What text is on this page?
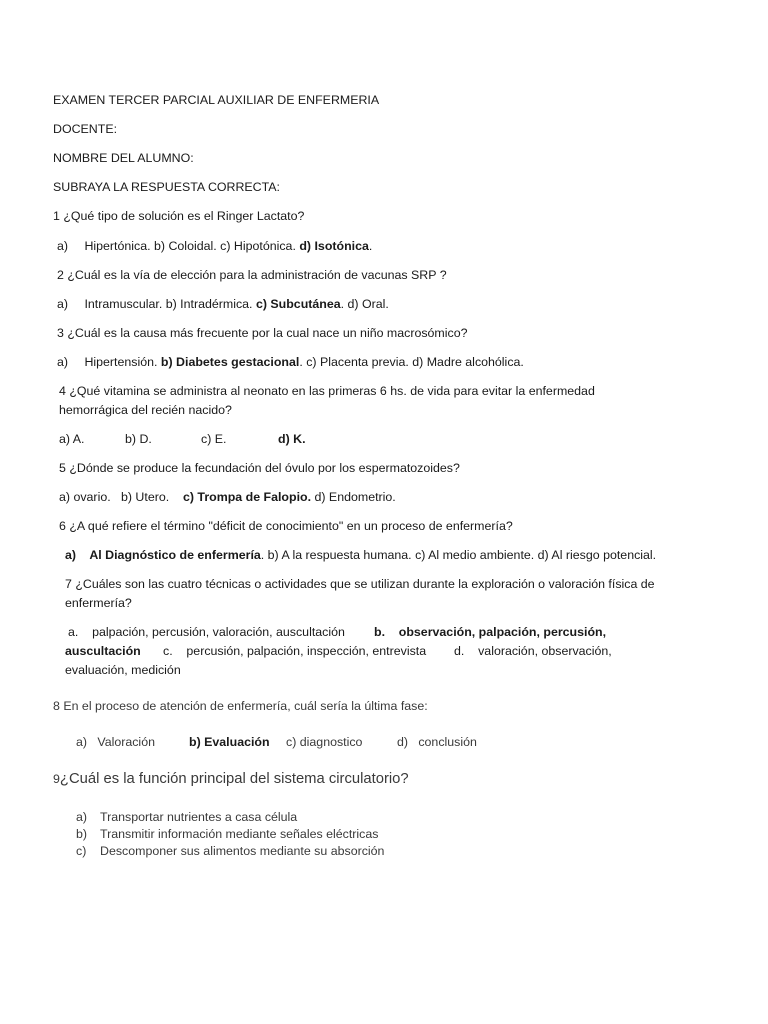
EXAMEN TERCER PARCIAL AUXILIAR DE ENFERMERIA

DOCENTE:

NOMBRE DEL ALUMNO:

SUBRAYA LA RESPUESTA CORRECTA:

1 ¿Qué tipo de solución es el Ringer Lactato?

a) Hipertónica. b) Coloidal. c) Hipotónica. d) Isotónica.

2 ¿Cuál es la vía de elección para la administración de vacunas SRP ?

a) Intramuscular. b) Intradérmica. c) Subcutánea. d) Oral.

3 ¿Cuál es la causa más frecuente por la cual nace un niño macrosómico?

a) Hipertensión. b) Diabetes gestacional. c) Placenta previa. d) Madre alcohólica.

4 ¿Qué vitamina se administra al neonato en las primeras 6 hs. de vida para evitar la enfermedad hemorrágica del recién nacido?

a) A.	b) D.	c) E.	d) K.

5 ¿Dónde se produce la fecundación del óvulo por los espermatozoides?

a) ovario.   b) Utero. c) Trompa de Falopio. d) Endometrio.

6 ¿A qué refiere el término "déficit de conocimiento" en un proceso de enfermería?

a)    Al Diagnóstico de enfermería. b) A la respuesta humana. c) Al medio ambiente. d) Al riesgo potencial.

7 ¿Cuáles son las cuatro técnicas o actividades que se utilizan durante la exploración o valoración física de enfermería?

a.    palpación, percusión, valoración, auscultación b.    observación, palpación, percusión,

auscultación c.    percusión, palpación, inspección, entrevista d.    valoración, observación,

evaluación, medición

8 En el proceso de atención de enfermería, cuál sería la última fase:

a)   Valoración	b) Evaluación c) diagnostico	d)   conclusión

9¿Cuál es la función principal del sistema circulatorio?

a) Transportar nutrientes a casa célula

b) Transmitir información mediante señales eléctricas

c) Descomponer sus alimentos mediante su absorción
